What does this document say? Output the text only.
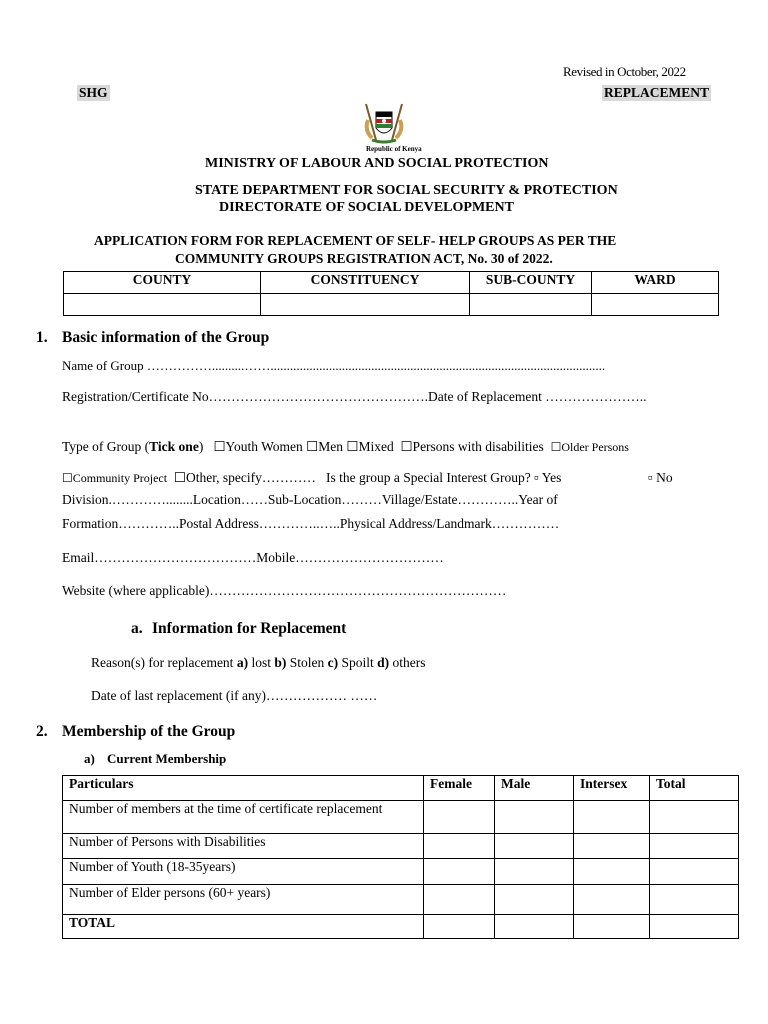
Revised in October, 2022
SHG	REPLACEMENT
Republic of Kenya
MINISTRY OF LABOUR AND SOCIAL PROTECTION
STATE DEPARTMENT FOR SOCIAL SECURITY & PROTECTION
DIRECTORATE OF SOCIAL DEVELOPMENT
APPLICATION FORM FOR REPLACEMENT OF SELF- HELP GROUPS AS PER THE
COMMUNITY GROUPS REGISTRATION ACT, No. 30 of 2022.
COUNTY	CONSTITUENCY	SUB-COUNTY	WARD

1. Basic information of the Group
Name of Group ……………..........…….......................................................................................................
Registration/Certificate No………………………………………….Date of Replacement …………………..
Type of Group (Tick one) ☐Youth Women ☐Men ☐Mixed ☐Persons with disabilities ☐Older Persons
☐Community Project ☐Other, specify………… Is the group a Special Interest Group? ▫ Yes	▫ No
Division.…………........Location……Sub-Location………Village/Estate…………..Year of
Formation…………..Postal Address…………..…..Physical Address/Landmark……………
Email………………………………Mobile……………………………
Website (where applicable)…………………………………………………………
a. Information for Replacement
Reason(s) for replacement a) lost b) Stolen c) Spoilt d) others
Date of last replacement (if any)……………… ……
2. Membership of the Group
a) Current Membership
Particulars	Female	Male	Intersex	Total
Number of members at the time of certificate replacement				
Number of Persons with Disabilities				
Number of Youth (18-35years)				
Number of Elder persons (60+ years)				
TOTAL				
